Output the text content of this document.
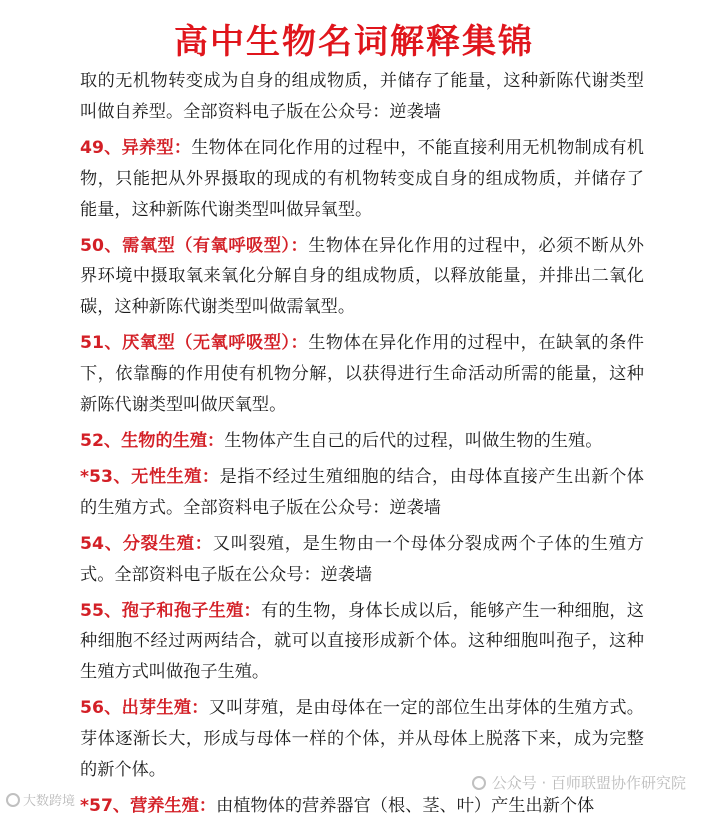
高中生物名词解释集锦

取的无机物转变成为自身的组成物质，并储存了能量，这种新陈代谢类型叫做自养型。全部资料电子版在公众号：逆袭墙

49、异养型：生物体在同化作用的过程中，不能直接利用无机物制成有机物，只能把从外界摄取的现成的有机物转变成自身的组成物质，并储存了能量，这种新陈代谢类型叫做异氧型。

50、需氧型（有氧呼吸型）：生物体在异化作用的过程中，必须不断从外界环境中摄取氧来氧化分解自身的组成物质，以释放能量，并排出二氧化碳，这种新陈代谢类型叫做需氧型。

51、厌氧型（无氧呼吸型）：生物体在异化作用的过程中，在缺氧的条件下，依靠酶的作用使有机物分解，以获得进行生命活动所需的能量，这种新陈代谢类型叫做厌氧型。

52、生物的生殖：生物体产生自己的后代的过程，叫做生物的生殖。

*53、无性生殖：是指不经过生殖细胞的结合，由母体直接产生出新个体的生殖方式。全部资料电子版在公众号：逆袭墙

54、分裂生殖：又叫裂殖，是生物由一个母体分裂成两个子体的生殖方式。全部资料电子版在公众号：逆袭墙

55、孢子和孢子生殖：有的生物，身体长成以后，能够产生一种细胞，这种细胞不经过两两结合，就可以直接形成新个体。这种细胞叫孢子，这种生殖方式叫做孢子生殖。

56、出芽生殖：又叫芽殖，是由母体在一定的部位生出芽体的生殖方式。芽体逐渐长大，形成与母体一样的个体，并从母体上脱落下来，成为完整的新个体。

*57、营养生殖：由植物体的营养器官（根、茎、叶）产生出新个体

公众号 · 百师联盟协作研究院
大数跨境
